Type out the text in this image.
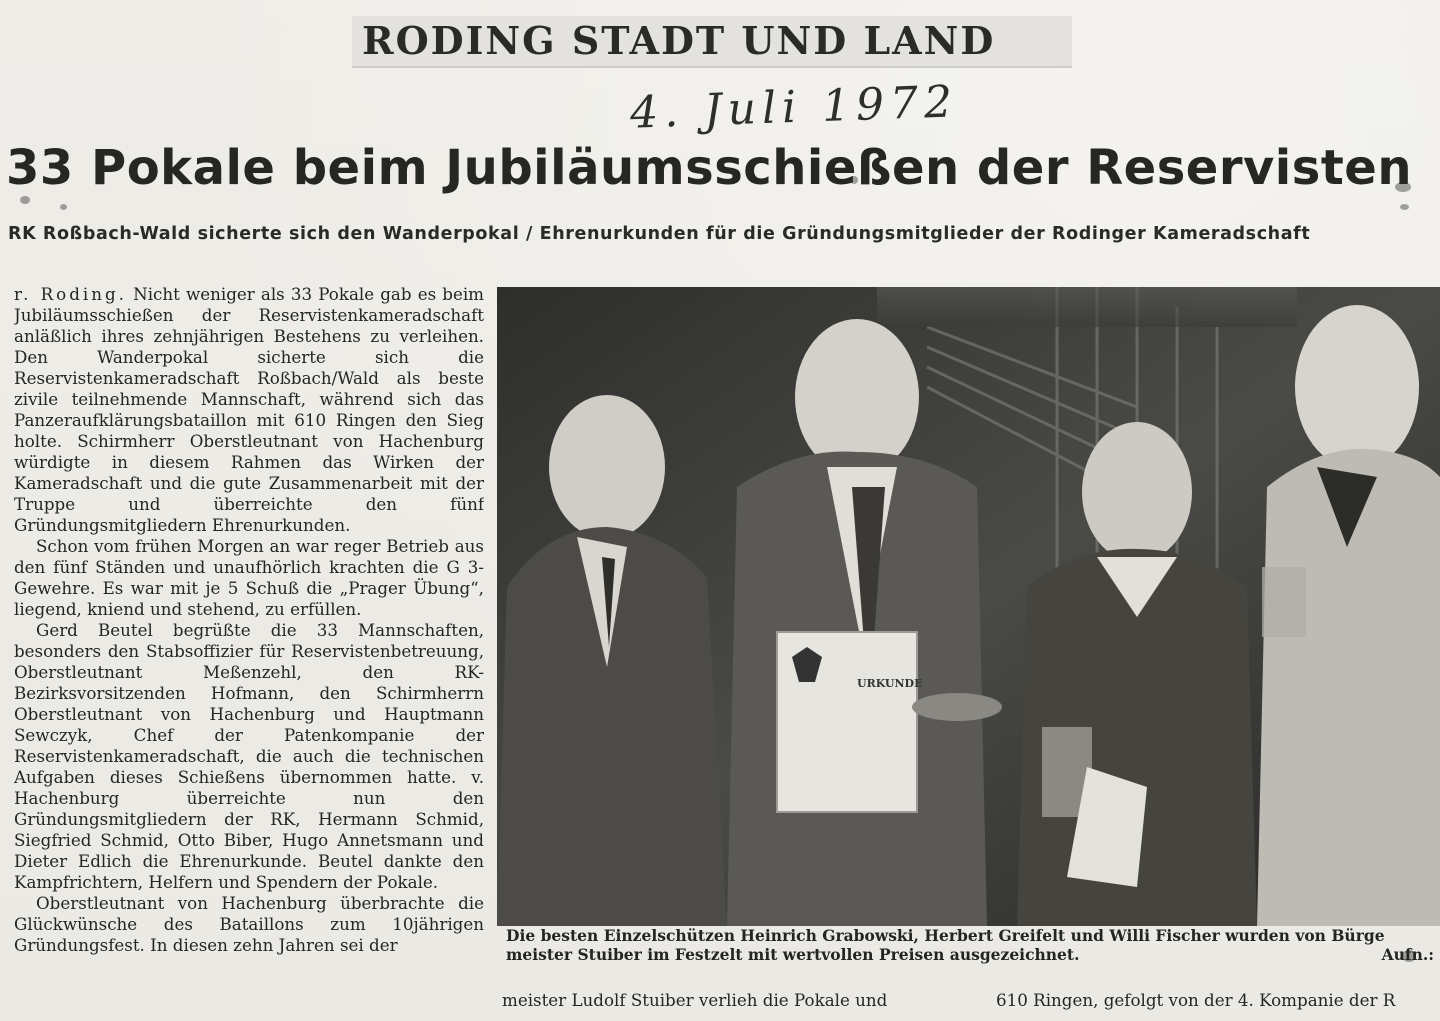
RODING STADT UND LAND
4. Juli 1972
33 Pokale beim Jubiläumsschießen der Reservisten
RK Roßbach-Wald sicherte sich den Wanderpokal / Ehrenurkunden für die Gründungsmitglieder der Rodinger Kameradschaft

r. Roding. Nicht weniger als 33 Pokale gab es beim Jubiläumsschießen der Reservistenkameradschaft anläßlich ihres zehnjährigen Bestehens zu verleihen. Den Wanderpokal sicherte sich die Reservistenkameradschaft Roßbach/Wald als beste zivile teilnehmende Mannschaft, während sich das Panzeraufklärungsbataillon mit 610 Ringen den Sieg holte. Schirmherr Oberstleutnant von Hachenburg würdigte in diesem Rahmen das Wirken der Kameradschaft und die gute Zusammenarbeit mit der Truppe und überreichte den fünf Gründungsmitgliedern Ehrenurkunden.

Schon vom frühen Morgen an war reger Betrieb aus den fünf Ständen und unaufhörlich krachten die G 3-Gewehre. Es war mit je 5 Schuß die „Prager Übung“, liegend, kniend und stehend, zu erfüllen.

Gerd Beutel begrüßte die 33 Mannschaften, besonders den Stabsoffizier für Reservistenbetreuung, Oberstleutnant Meßenzehl, den RK-Bezirksvorsitzenden Hofmann, den Schirmherrn Oberstleutnant von Hachenburg und Hauptmann Sewczyk, Chef der Patenkompanie der Reservistenkameradschaft, die auch die technischen Aufgaben dieses Schießens übernommen hatte. v. Hachenburg überreichte nun den Gründungsmitgliedern der RK, Hermann Schmid, Siegfried Schmid, Otto Biber, Hugo Annetsmann und Dieter Edlich die Ehrenurkunde. Beutel dankte den Kampfrichtern, Helfern und Spendern der Pokale.

Oberstleutnant von Hachenburg überbrachte die Glückwünsche des Bataillons zum 10jährigen Gründungsfest. In diesen zehn Jahren sei der

URKUNDE
Die besten Einzelschützen Heinrich Grabowski, Herbert Greifelt und Willi Fischer wurden von Bürge
meister Stuiber im Festzelt mit wertvollen Preisen ausgezeichnet.	Aufn.:
meister Ludolf Stuiber verlieh die Pokale und	610 Ringen, gefolgt von der 4. Kompanie der R
